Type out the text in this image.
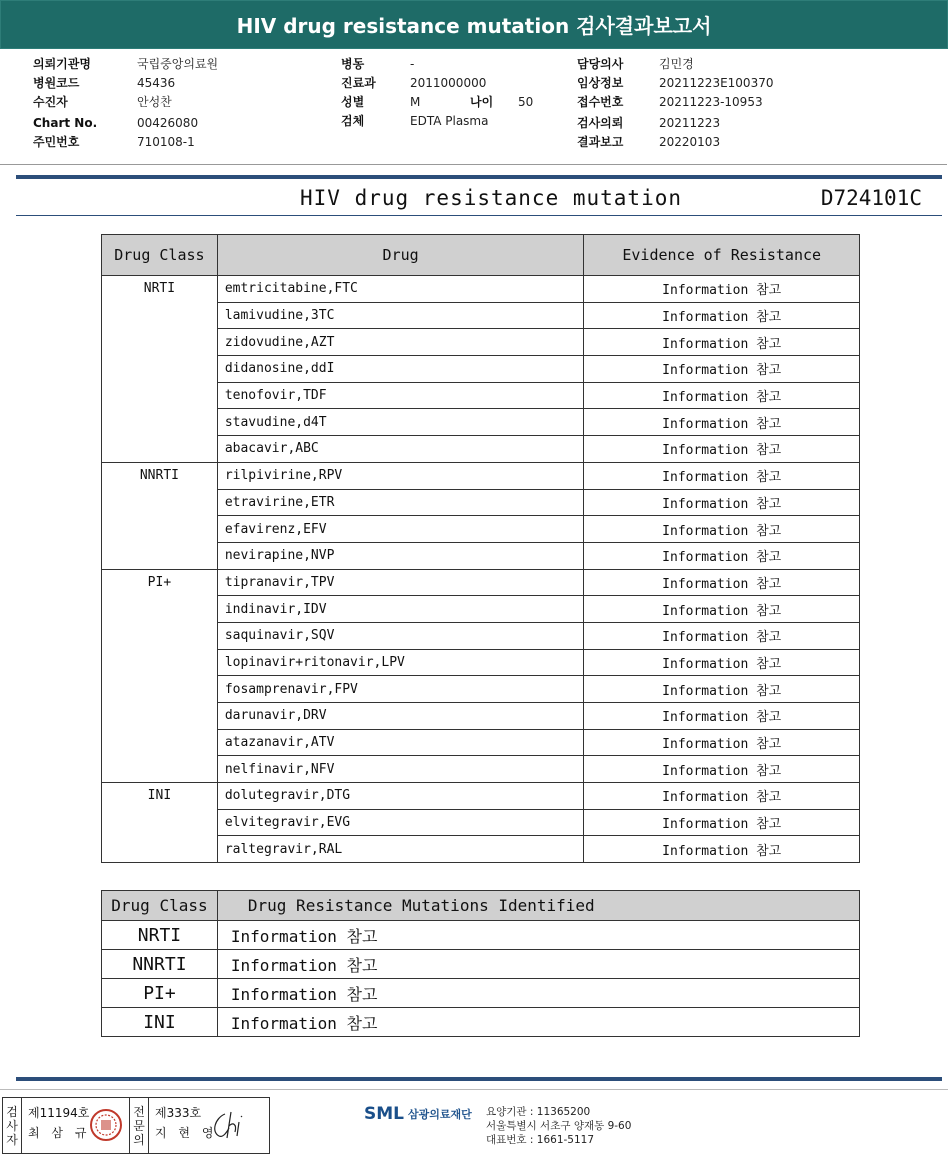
HIV drug resistance mutation 검사결과보고서
의뢰기관명	국립중앙의료원
병원코드	45436
수진자	안성찬
Chart No.	00426080
주민번호	710108-1
병동	-
진료과	2011000000
성별	M	나이	50
검체	EDTA Plasma
담당의사	김민경
임상정보	20211223E100370
접수번호	20211223-10953
검사의뢰	20211223
결과보고	20220103
HIV drug resistance mutation	D724101C
Drug Class	Drug	Evidence of Resistance
NRTI	emtricitabine,FTC	Information 참고
	lamivudine,3TC	Information 참고
	zidovudine,AZT	Information 참고
	didanosine,ddI	Information 참고
	tenofovir,TDF	Information 참고
	stavudine,d4T	Information 참고
	abacavir,ABC	Information 참고
NNRTI	rilpivirine,RPV	Information 참고
	etravirine,ETR	Information 참고
	efavirenz,EFV	Information 참고
	nevirapine,NVP	Information 참고
PI+	tipranavir,TPV	Information 참고
	indinavir,IDV	Information 참고
	saquinavir,SQV	Information 참고
	lopinavir+ritonavir,LPV	Information 참고
	fosamprenavir,FPV	Information 참고
	darunavir,DRV	Information 참고
	atazanavir,ATV	Information 참고
	nelfinavir,NFV	Information 참고
INI	dolutegravir,DTG	Information 참고
	elvitegravir,EVG	Information 참고
	raltegravir,RAL	Information 참고
Drug Class	Drug Resistance Mutations Identified
NRTI	Information 참고
NNRTI	Information 참고
PI+	Information 참고
INI	Information 참고
검
사
자
제11194호
최 삼 규
전
문
의
제333호
지 현 영
SML 삼광의료재단 요양기관 : 11365200
서울특별시 서초구 양재동 9-60
대표번호 : 1661-5117
